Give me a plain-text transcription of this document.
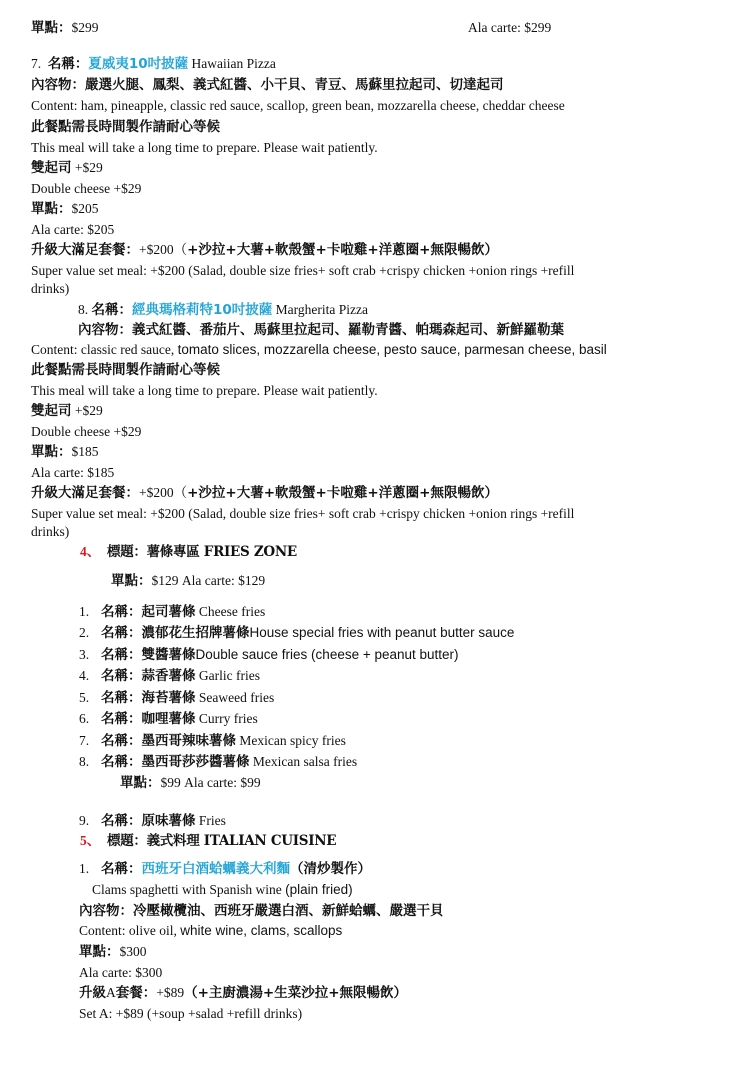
單點：$299	Ala carte: $299
7. 名稱：夏威夷10吋披薩 Hawaiian Pizza
內容物：嚴選火腿、鳳梨、義式紅醬、小干貝、青豆、馬蘇里拉起司、切達起司
Content: ham, pineapple, classic red sauce, scallop, green bean, mozzarella cheese, cheddar cheese
此餐點需長時間製作請耐心等候
This meal will take a long time to prepare. Please wait patiently.
雙起司 +$29
Double cheese +$29
單點：$205
Ala carte: $205
升級大滿足套餐：+$200（+沙拉+大薯+軟殼蟹+卡啦雞+洋蔥圈+無限暢飲）
Super value set meal: +$200 (Salad, double size fries+ soft crab +crispy chicken +onion rings +refill
drinks)
8. 名稱：經典瑪格莉特10吋披薩 Margherita Pizza
內容物：義式紅醬、番茄片、馬蘇里拉起司、羅勒青醬、帕瑪森起司、新鮮羅勒葉
Content: classic red sauce, tomato slices, mozzarella cheese, pesto sauce, parmesan cheese, basil
此餐點需長時間製作請耐心等候
This meal will take a long time to prepare. Please wait patiently.
雙起司 +$29
Double cheese +$29
單點：$185
Ala carte: $185
升級大滿足套餐：+$200（+沙拉+大薯+軟殼蟹+卡啦雞+洋蔥圈+無限暢飲）
Super value set meal: +$200 (Salad, double size fries+ soft crab +crispy chicken +onion rings +refill
drinks)
4、 標題：薯條專區 FRIES ZONE
單點：$129 Ala carte: $129
1. 名稱：起司薯條 Cheese fries
2. 名稱：濃郁花生招牌薯條House special fries with peanut butter sauce
3. 名稱：雙醬薯條Double sauce fries (cheese + peanut butter)
4. 名稱：蒜香薯條 Garlic fries
5. 名稱：海苔薯條 Seaweed fries
6. 名稱：咖哩薯條 Curry fries
7. 名稱：墨西哥辣味薯條 Mexican spicy fries
8. 名稱：墨西哥莎莎醬薯條 Mexican salsa fries
單點：$99 Ala carte: $99
9. 名稱：原味薯條 Fries
5、 標題：義式料理 ITALIAN CUISINE
1. 名稱：西班牙白酒蛤蠣義大利麵（清炒製作）
Clams spaghetti with Spanish wine (plain fried)
內容物：冷壓橄欖油、西班牙嚴選白酒、新鮮蛤蠣、嚴選干貝
Content: olive oil, white wine, clams, scallops
單點：$300
Ala carte: $300
升級A套餐：+$89（+主廚濃湯+生菜沙拉+無限暢飲）
Set A: +$89 (+soup +salad +refill drinks)
